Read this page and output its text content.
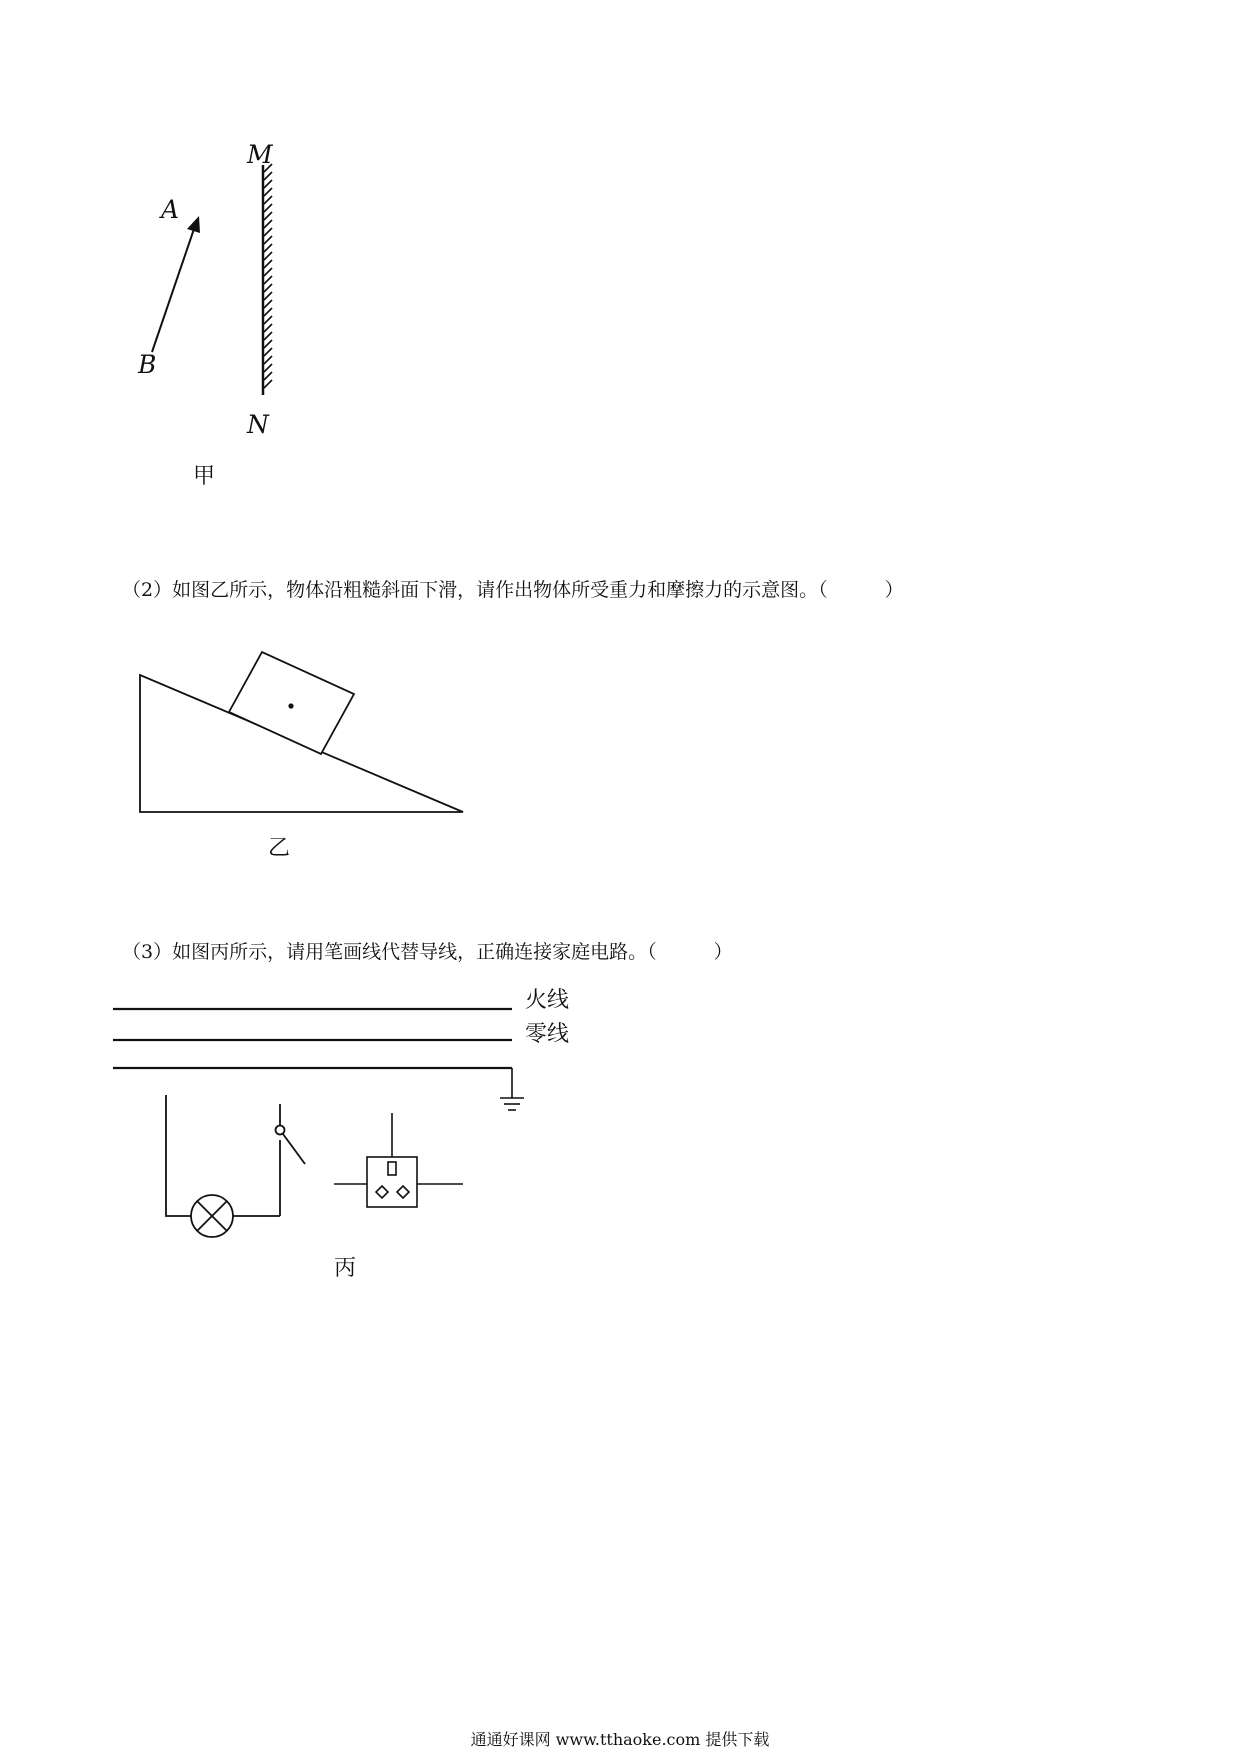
M
N
A
B
甲
（2）如图乙所示，物体沿粗糙斜面下滑，请作出物体所受重力和摩擦力的示意图。（　　　）
乙
（3）如图丙所示，请用笔画线代替导线，正确连接家庭电路。（　　　）
火线
零线
丙
通通好课网 www.tthaoke.com 提供下载
